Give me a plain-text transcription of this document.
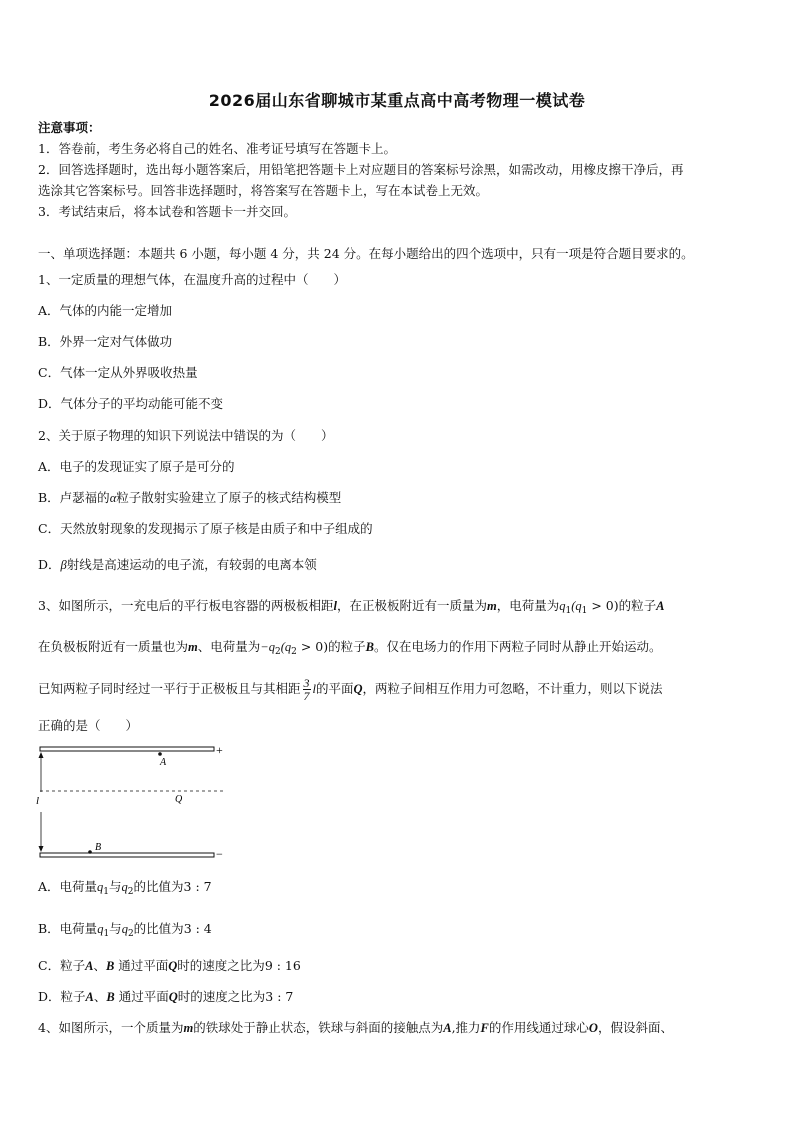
2026届山东省聊城市某重点高中高考物理一模试卷
注意事项：
1．答卷前，考生务必将自己的姓名、准考证号填写在答题卡上。
2．回答选择题时，选出每小题答案后，用铅笔把答题卡上对应题目的答案标号涂黑，如需改动，用橡皮擦干净后，再
选涂其它答案标号。回答非选择题时，将答案写在答题卡上，写在本试卷上无效。
3．考试结束后，将本试卷和答题卡一并交回。
一、单项选择题：本题共 6 小题，每小题 4 分，共 24 分。在每小题给出的四个选项中，只有一项是符合题目要求的。
1、一定质量的理想气体，在温度升高的过程中（　　）
A．气体的内能一定增加
B．外界一定对气体做功
C．气体一定从外界吸收热量
D．气体分子的平均动能可能不变
2、关于原子物理的知识下列说法中错误的为（　　）
A．电子的发现证实了原子是可分的
B．卢瑟福的α粒子散射实验建立了原子的核式结构模型
C．天然放射现象的发现揭示了原子核是由质子和中子组成的
D．β射线是高速运动的电子流，有较弱的电离本领
3、如图所示，一充电后的平行板电容器的两极板相距l，在正极板附近有一质量为m，电荷量为$q_1(q_1 > 0)$的粒子A
在负极板附近有一质量也为m、电荷量为$-q_2(q_2 > 0)$的粒子B。仅在电场力的作用下两粒子同时从静止开始运动。
已知两粒子同时经过一平行于正极板且与其相距 $\frac{3}{7}$ l的平面Q，两粒子间相互作用力可忽略，不计重力，则以下说法
正确的是（　　）
+
−
A
B
Q
l
A．电荷量$q_1$与$q_2$的比值为3 : 7
B．电荷量$q_1$与$q_2$的比值为3 : 4
C．粒子A、B 通过平面Q时的速度之比为9 : 16
D．粒子A、B 通过平面Q时的速度之比为3 : 7
4、如图所示，一个质量为m的铁球处于静止状态，铁球与斜面的接触点为A,推力F的作用线通过球心O，假设斜面、
